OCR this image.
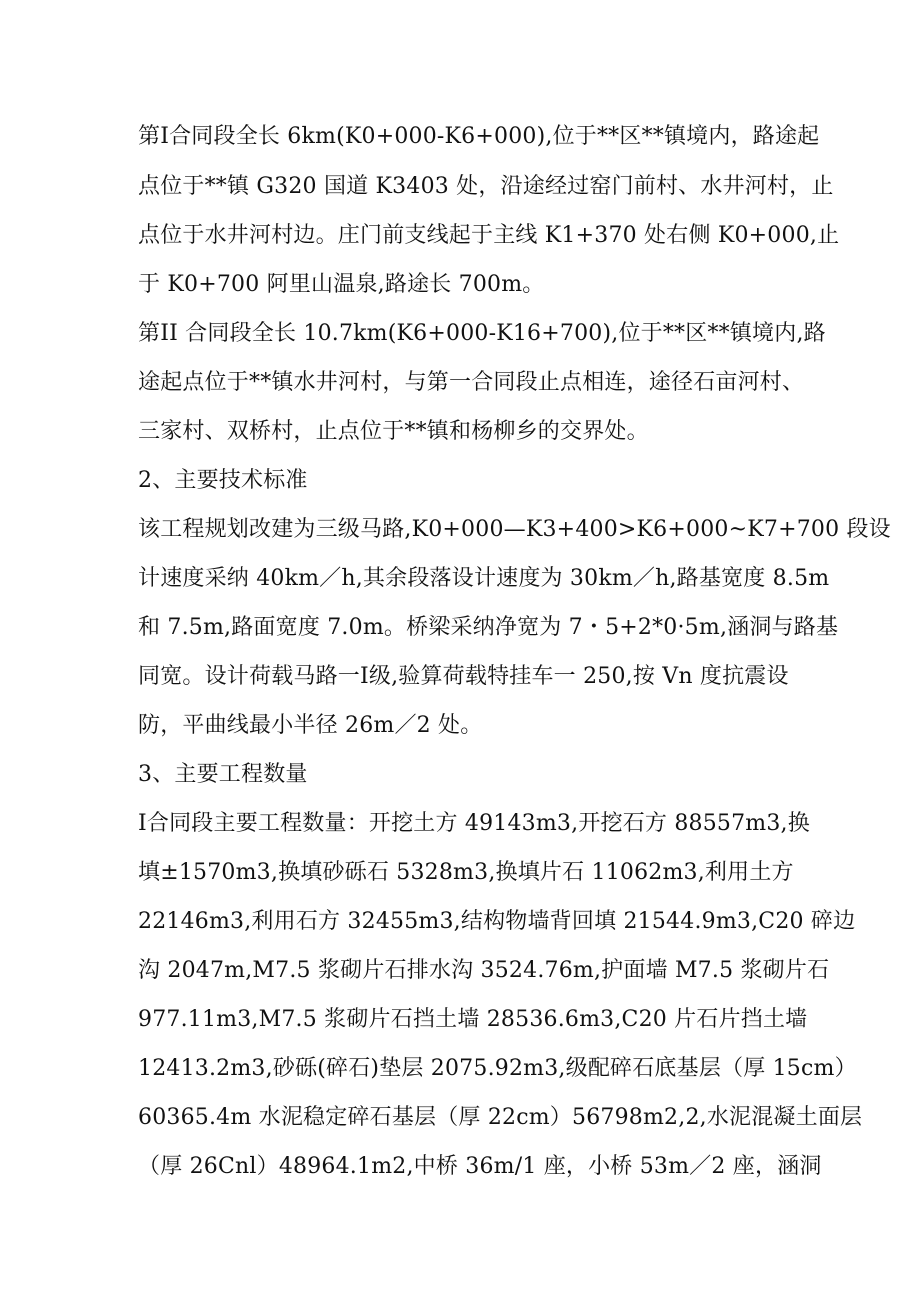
第Ⅰ合同段全长 6km(K0+000-K6+000),位于**区**镇境内，路途起
点位于**镇 G320 国道 K3403 处，沿途经过窑门前村、水井河村，止
点位于水井河村边。庄门前支线起于主线 K1+370 处右侧 K0+000,止
于 K0+700 阿里山温泉,路途长 700m。
第II 合同段全长 10.7km(K6+000-K16+700),位于**区**镇境内,路
途起点位于**镇水井河村，与第一合同段止点相连，途径石亩河村、
三家村、双桥村，止点位于**镇和杨柳乡的交界处。
2、主要技术标准
该工程规划改建为三级马路,K0+000—K3+400>K6+000~K7+700 段设
计速度采纳 40km／h,其余段落设计速度为 30km／h,路基宽度 8.5m
和 7.5m,路面宽度 7.0m。桥梁采纳净宽为 7・5+2*0·5m,涵洞与路基
同宽。设计荷载马路一Ⅰ级,验算荷载特挂车一 250,按 Vn 度抗震设
防，平曲线最小半径 26m／2 处。
3、主要工程数量
Ⅰ合同段主要工程数量：开挖土方 49143m3,开挖石方 88557m3,换
填±1570m3,换填砂砾石 5328m3,换填片石 11062m3,利用土方
22146m3,利用石方 32455m3,结构物墙背回填 21544.9m3,C20 碎边
沟 2047m,M7.5 浆砌片石排水沟 3524.76m,护面墙 M7.5 浆砌片石
977.11m3,M7.5 浆砌片石挡土墙 28536.6m3,C20 片石片挡土墙
12413.2m3,砂砾(碎石)垫层 2075.92m3,级配碎石底基层（厚 15cm）
60365.4m 水泥稳定碎石基层（厚 22cm）56798m2,2,水泥混凝土面层
（厚 26Cnl）48964.1m2,中桥 36m/1 座，小桥 53m／2 座，涵洞
